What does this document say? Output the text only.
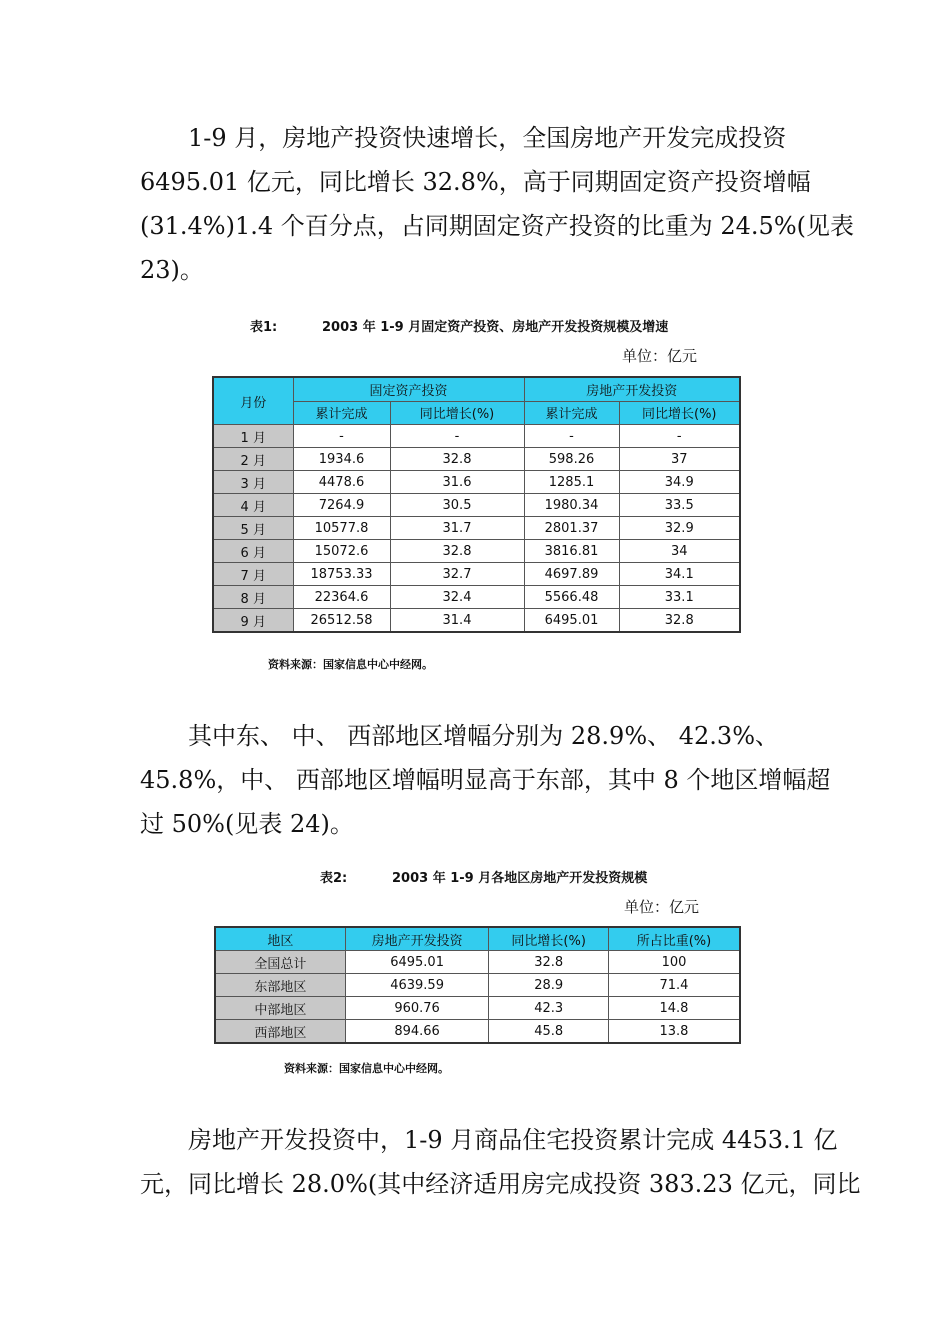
1-9 月，房地产投资快速增长，全国房地产开发完成投资
6495.01 亿元，同比增长 32.8%，高于同期固定资产投资增幅
(31.4%)1.4 个百分点，占同期固定资产投资的比重为 24.5%(见表
23)。
表1:	2003 年 1-9 月固定资产投资、房地产开发投资规模及增速
单位：亿元
月份	固定资产投资		房地产开发投资	
	累计完成	同比增长(%)	累计完成	同比增长(%)
1 月	-	-	-	-
2 月	1934.6	32.8	598.26	37
3 月	4478.6	31.6	1285.1	34.9
4 月	7264.9	30.5	1980.34	33.5
5 月	10577.8	31.7	2801.37	32.9
6 月	15072.6	32.8	3816.81	34
7 月	18753.33	32.7	4697.89	34.1
8 月	22364.6	32.4	5566.48	33.1
9 月	26512.58	31.4	6495.01	32.8
资料来源：国家信息中心中经网。
其中东、 中、 西部地区增幅分别为 28.9%、 42.3%、
45.8%，中、 西部地区增幅明显高于东部，其中 8 个地区增幅超
过 50%(见表 24)。
表2:	2003 年 1-9 月各地区房地产开发投资规模
单位：亿元
地区	房地产开发投资	同比增长(%)	所占比重(%)
全国总计	6495.01	32.8	100
东部地区	4639.59	28.9	71.4
中部地区	960.76	42.3	14.8
西部地区	894.66	45.8	13.8
资料来源：国家信息中心中经网。
房地产开发投资中，1-9 月商品住宅投资累计完成 4453.1 亿
元，同比增长 28.0%(其中经济适用房完成投资 383.23 亿元，同比
